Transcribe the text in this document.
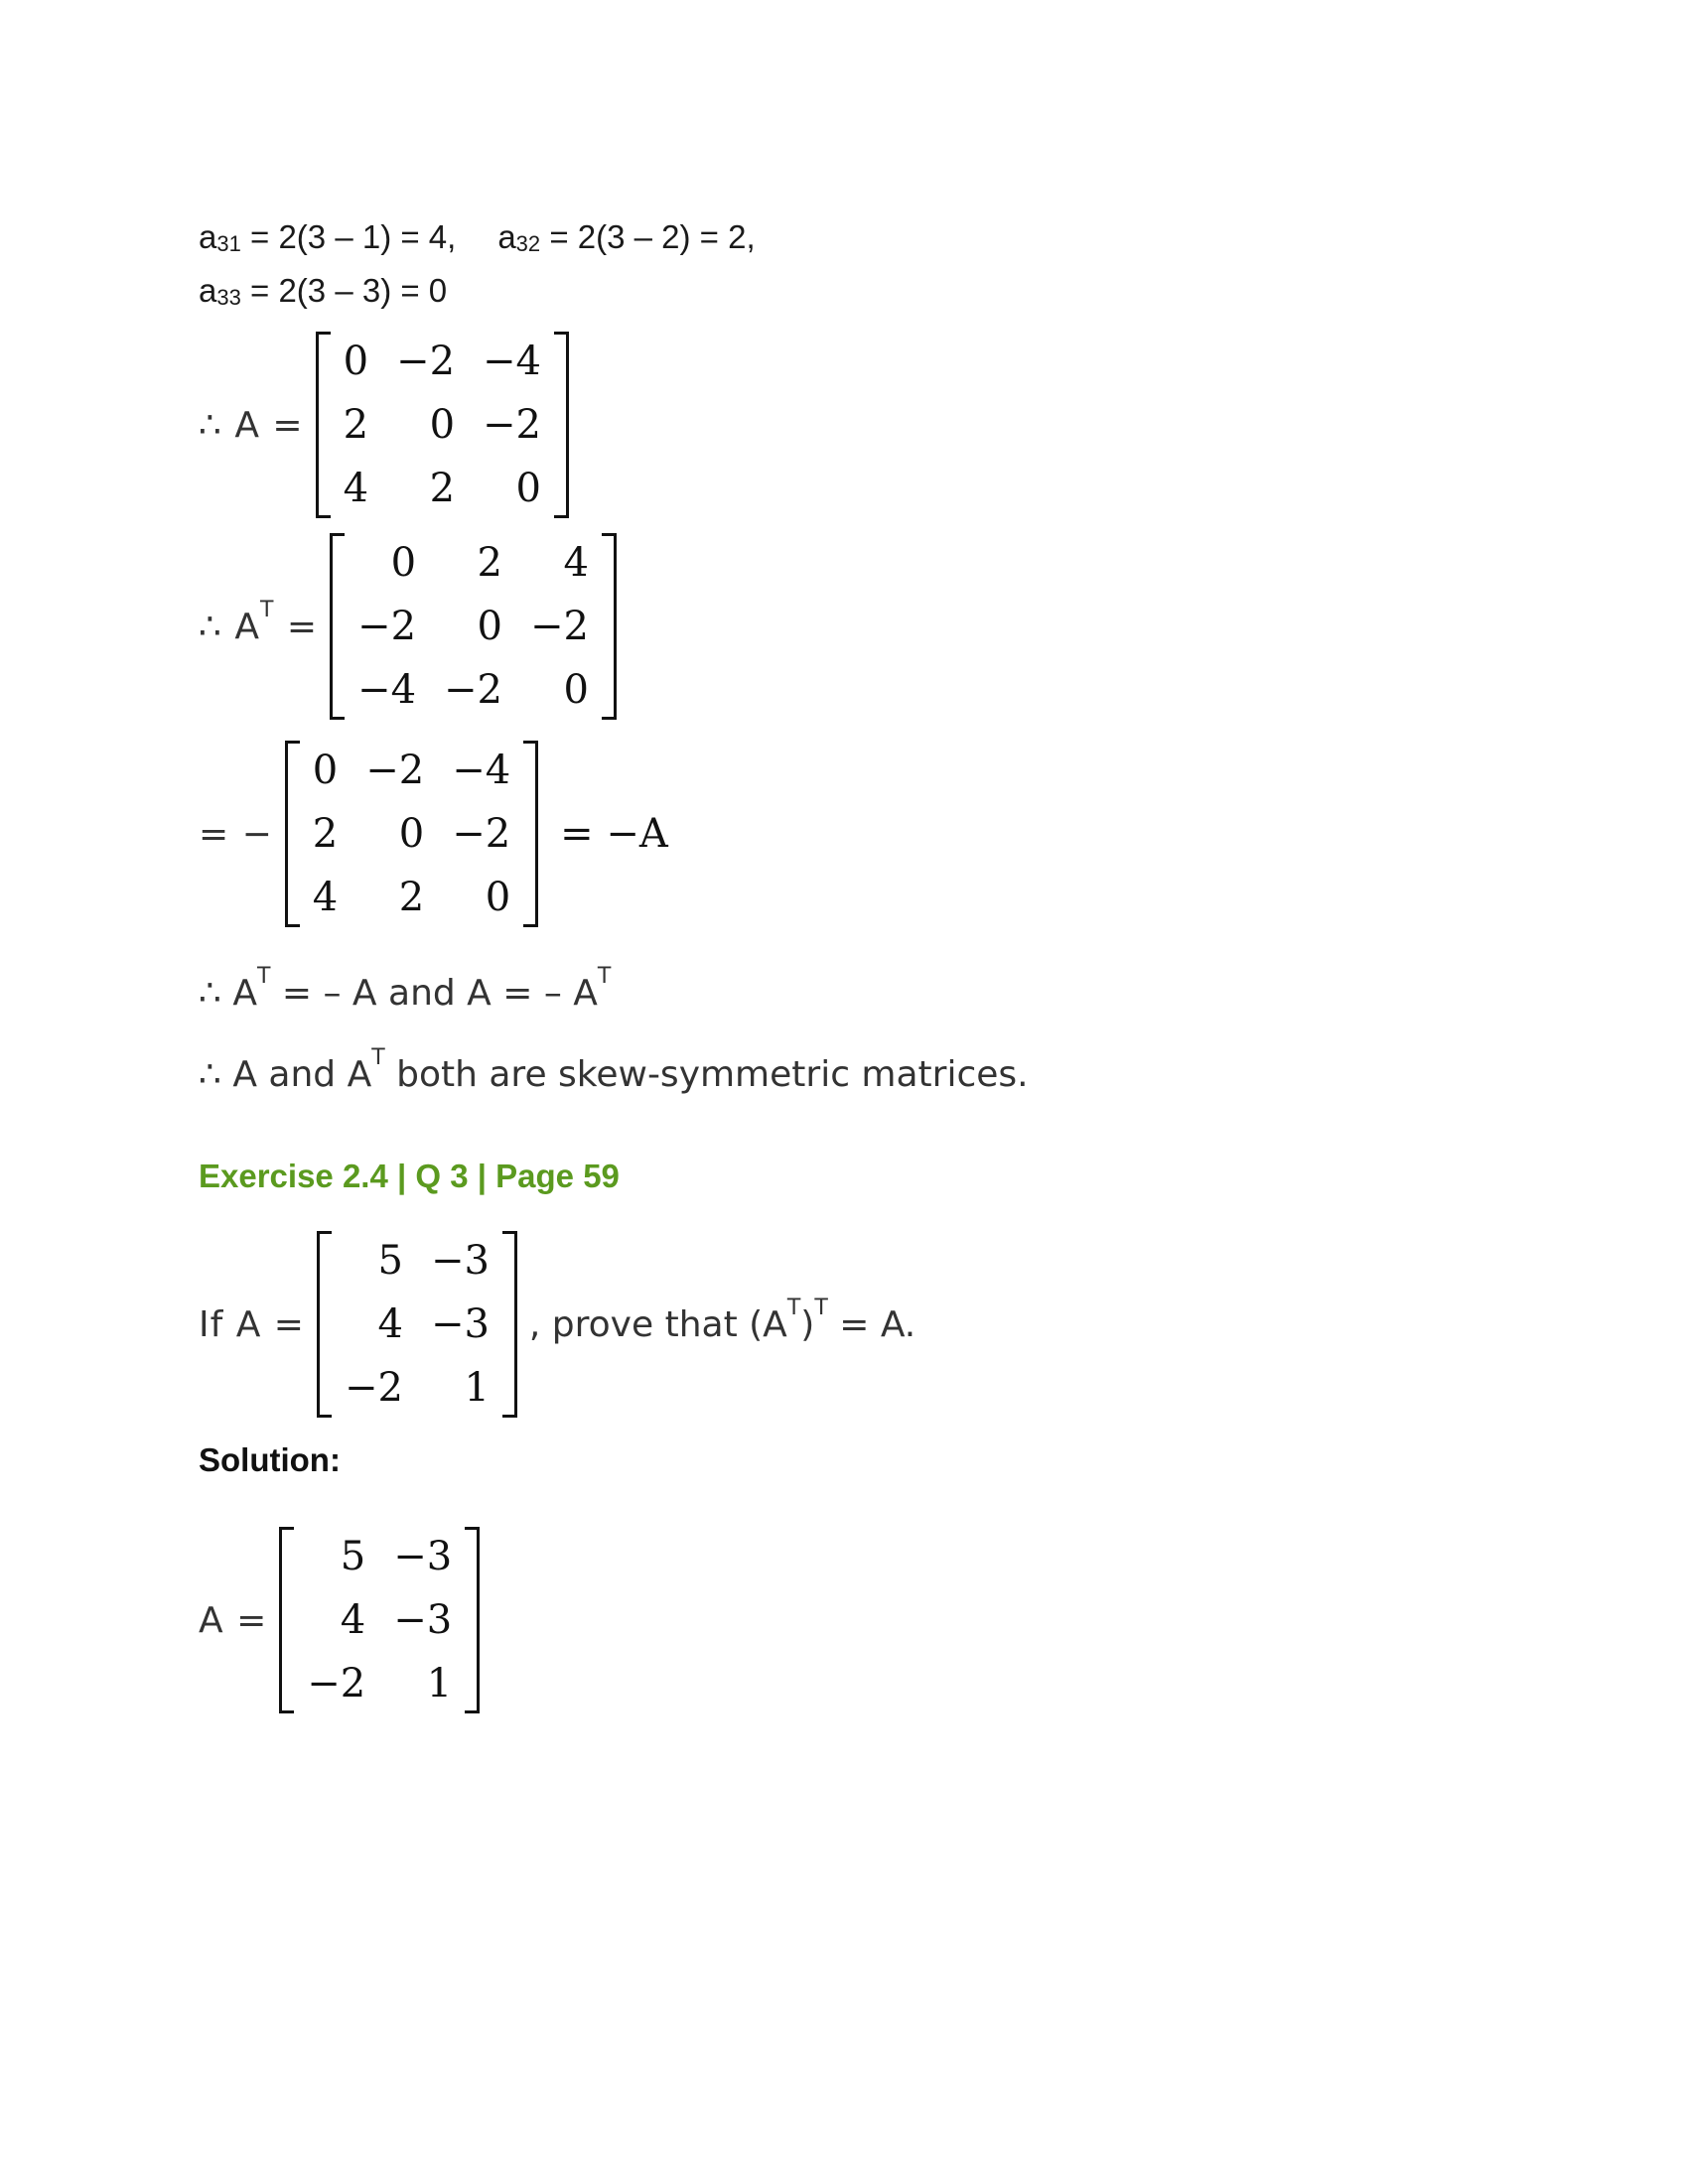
a31 = 2(3 – 1) = 4, a32 = 2(3 – 2) = 2,
a33 = 2(3 – 3) = 0
∴ A =
0	−2	−4
2	0	−2
4	2	0
∴ $A^T$ =
0	2	4
−2	0	−2
−4	−2	0
= −
0	−2	−4
2	0	−2
4	2	0
= −A
∴ $A^T$ = – A and A = – $A^T$
∴ A and $A^T$ both are skew-symmetric matrices.
Exercise 2.4 | Q 3 | Page 59
If A =
5	−3
4	−3
−2	1
, prove that $(A^T)^T = A$.
Solution:
A =
5	−3
4	−3
−2	1
